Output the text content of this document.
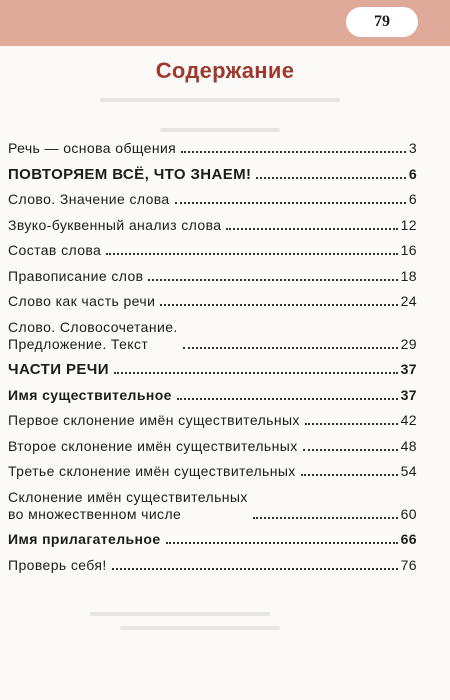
79
Содержание
Речь — основа общения	3
ПОВТОРЯЕМ ВСЁ, ЧТО ЗНАЕМ!	6
Слово. Значение слова	6
Звуко-буквенный анализ слова	12
Состав слова	16
Правописание слов	18
Слово как часть речи	24
Слово. Словосочетание.
Предложение. Текст	29
ЧАСТИ РЕЧИ	37
Имя существительное	37
Первое склонение имён существительных	42
Второе склонение имён существительных	48
Третье склонение имён существительных	54
Склонение имён существительных
во множественном числе	60
Имя прилагательное	66
Проверь себя!	76
